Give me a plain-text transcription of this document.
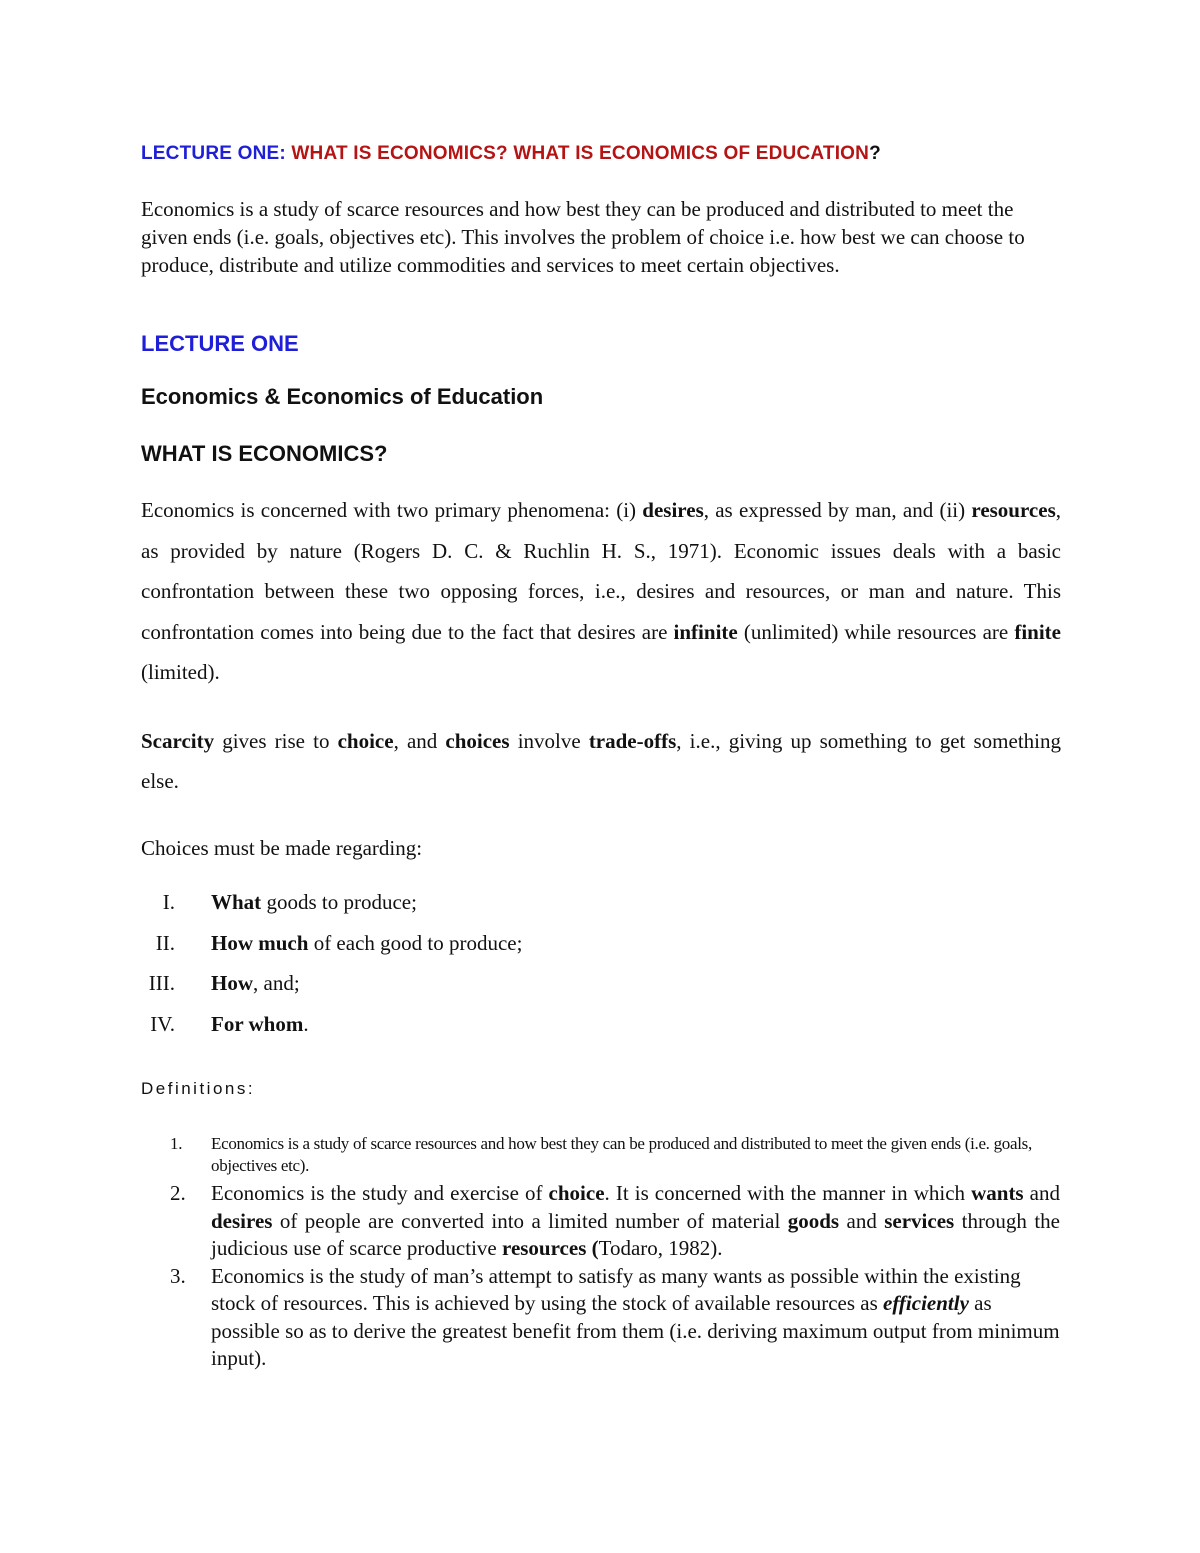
LECTURE ONE: WHAT IS ECONOMICS? WHAT IS ECONOMICS OF EDUCATION?
Economics is a study of scarce resources and how best they can be produced and distributed to meet the given ends (i.e. goals, objectives etc). This involves the problem of choice i.e. how best we can choose to produce, distribute and utilize commodities and services to meet certain objectives.
LECTURE ONE
Economics & Economics of Education
WHAT IS ECONOMICS?
Economics is concerned with two primary phenomena: (i) desires, as expressed by man, and (ii) resources, as provided by nature (Rogers D. C. & Ruchlin H. S., 1971). Economic issues deals with a basic confrontation between these two opposing forces, i.e., desires and resources, or man and nature. This confrontation comes into being due to the fact that desires are infinite (unlimited) while resources are finite (limited).
Scarcity gives rise to choice, and choices involve trade-offs, i.e., giving up something to get something else.
Choices must be made regarding:
I. What goods to produce;
II. How much of each good to produce;
III. How, and;
IV. For whom.
Definitions:
1. Economics is a study of scarce resources and how best they can be produced and distributed to meet the given ends (i.e. goals, objectives etc).
2. Economics is the study and exercise of choice. It is concerned with the manner in which wants and desires of people are converted into a limited number of material goods and services through the judicious use of scarce productive resources (Todaro, 1982).
3. Economics is the study of man’s attempt to satisfy as many wants as possible within the existing stock of resources. This is achieved by using the stock of available resources as efficiently as possible so as to derive the greatest benefit from them (i.e. deriving maximum output from minimum input).
